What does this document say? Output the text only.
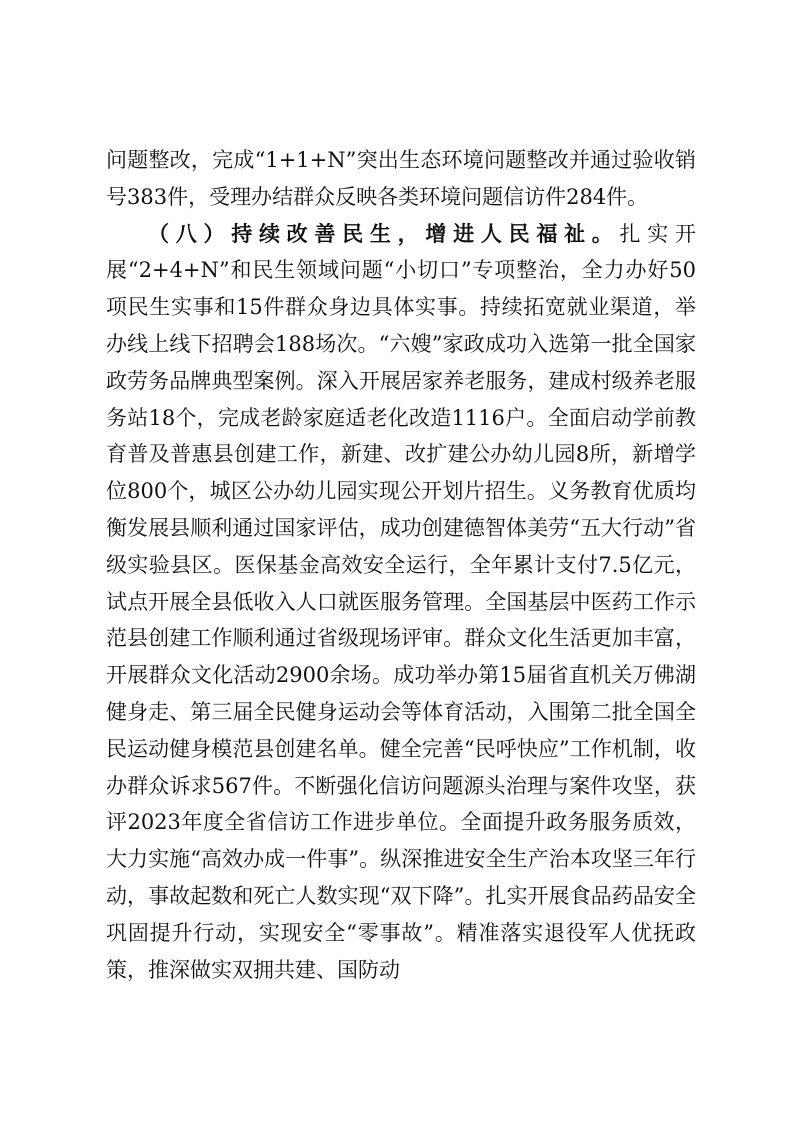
问题整改，完成“1+1+N”突出生态环境问题整改并通过验收销号383件，受理办结群众反映各类环境问题信访件284件。

（八）持续改善民生，增进人民福祉。扎实开展“2+4+N”和民生领域问题“小切口”专项整治，全力办好50项民生实事和15件群众身边具体实事。持续拓宽就业渠道，举办线上线下招聘会188场次。“六嫂”家政成功入选第一批全国家政劳务品牌典型案例。深入开展居家养老服务，建成村级养老服务站18个，完成老龄家庭适老化改造1116户。全面启动学前教育普及普惠县创建工作，新建、改扩建公办幼儿园8所，新增学位800个，城区公办幼儿园实现公开划片招生。义务教育优质均衡发展县顺利通过国家评估，成功创建德智体美劳“五大行动”省级实验县区。医保基金高效安全运行，全年累计支付7.5亿元，试点开展全县低收入人口就医服务管理。全国基层中医药工作示范县创建工作顺利通过省级现场评审。群众文化生活更加丰富，开展群众文化活动2900余场。成功举办第15届省直机关万佛湖健身走、第三届全民健身运动会等体育活动，入围第二批全国全民运动健身模范县创建名单。健全完善“民呼快应”工作机制，收办群众诉求567件。不断强化信访问题源头治理与案件攻坚，获评2023年度全省信访工作进步单位。全面提升政务服务质效，大力实施“高效办成一件事”。纵深推进安全生产治本攻坚三年行动，事故起数和死亡人数实现“双下降”。扎实开展食品药品安全巩固提升行动，实现安全“零事故”。精准落实退役军人优抚政策，推深做实双拥共建、国防动
